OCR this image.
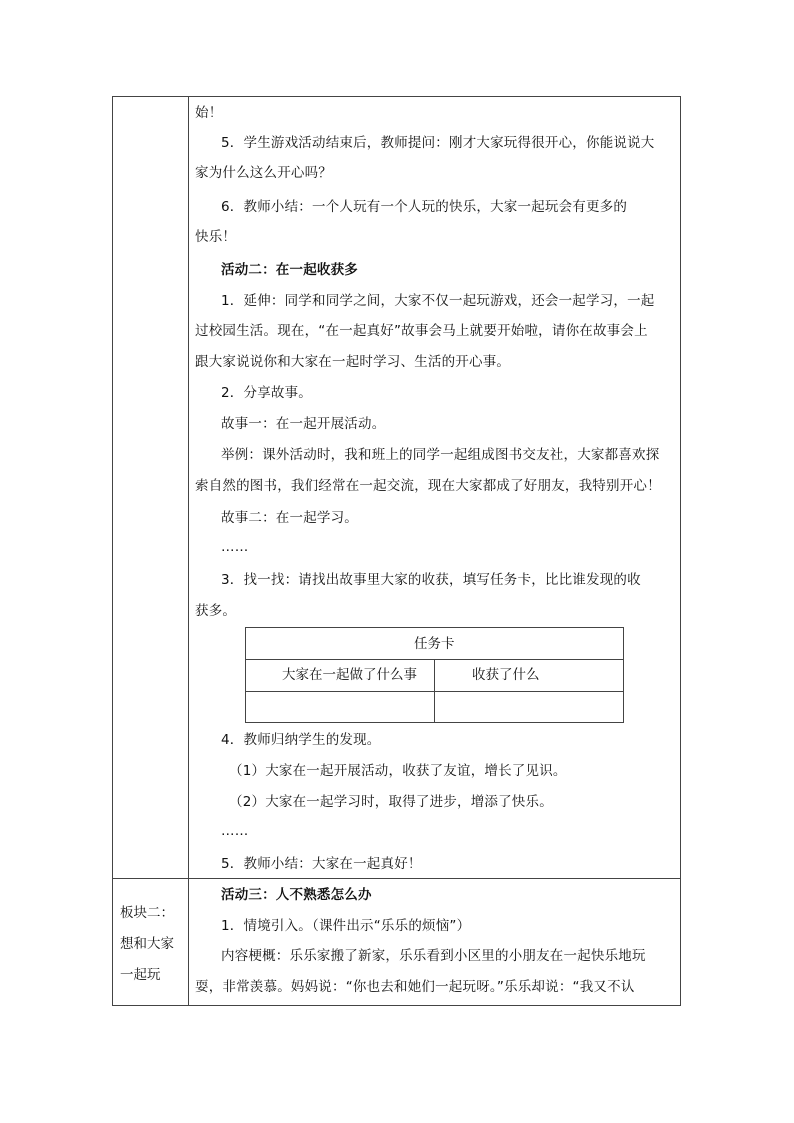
始！
5．学生游戏活动结束后，教师提问：刚才大家玩得很开心，你能说说大
家为什么这么开心吗？
6．教师小结：一个人玩有一个人玩的快乐，大家一起玩会有更多的
快乐！
活动二：在一起收获多
1．延伸：同学和同学之间，大家不仅一起玩游戏，还会一起学习，一起
过校园生活。现在，“在一起真好”故事会马上就要开始啦，请你在故事会上
跟大家说说你和大家在一起时学习、生活的开心事。
2．分享故事。
故事一：在一起开展活动。
举例：课外活动时，我和班上的同学一起组成图书交友社，大家都喜欢探
索自然的图书，我们经常在一起交流，现在大家都成了好朋友，我特别开心！
故事二：在一起学习。
……
3．找一找：请找出故事里大家的收获，填写任务卡，比比谁发现的收
获多。
任务卡
大家在一起做了什么事	收获了什么
4．教师归纳学生的发现。
（1）大家在一起开展活动，收获了友谊，增长了见识。
（2）大家在一起学习时，取得了进步，增添了快乐。
……
5．教师小结：大家在一起真好！
活动三：人不熟悉怎么办
1．情境引入。（课件出示“乐乐的烦恼”）
内容梗概：乐乐家搬了新家，乐乐看到小区里的小朋友在一起快乐地玩
耍，非常羡慕。妈妈说：“你也去和她们一起玩呀。”乐乐却说：“我又不认
板块二：
想和大家
一起玩
